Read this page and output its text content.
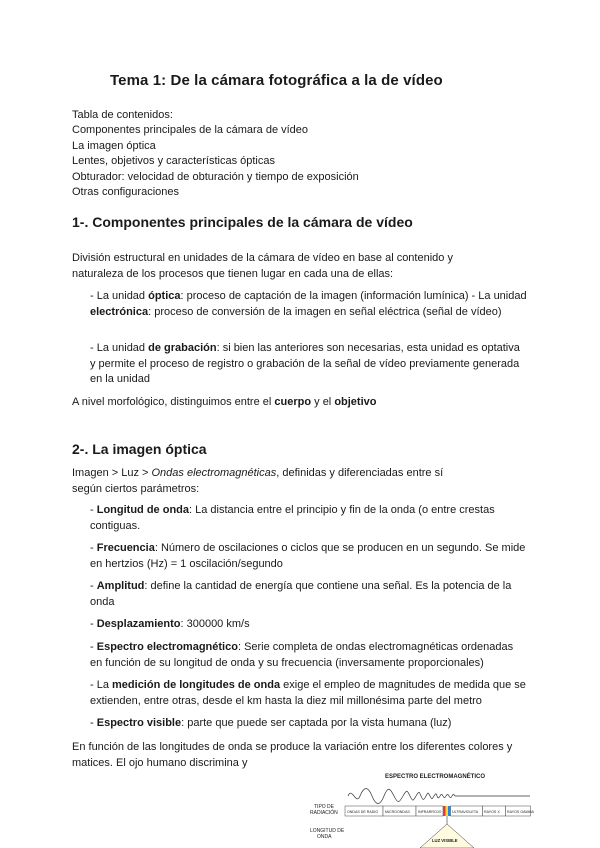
Tema 1: De la cámara fotográfica a la de vídeo
Tabla de contenidos:
Componentes principales de la cámara de vídeo
La imagen óptica
Lentes, objetivos y características ópticas
Obturador: velocidad de obturación y tiempo de exposición
Otras configuraciones
1-. Componentes principales de la cámara de vídeo
División estructural en unidades de la cámara de vídeo en base al contenido y naturaleza de los procesos que tienen lugar en cada una de ellas:
- La unidad óptica: proceso de captación de la imagen (información lumínica) - La unidad electrónica: proceso de conversión de la imagen en señal eléctrica (señal de vídeo)
- La unidad de grabación: si bien las anteriores son necesarias, esta unidad es optativa y permite el proceso de registro o grabación de la señal de vídeo previamente generada en la unidad
A nivel morfológico, distinguimos entre el cuerpo y el objetivo
2-. La imagen óptica
Imagen > Luz > Ondas electromagnéticas, definidas y diferenciadas entre sí según ciertos parámetros:
- Longitud de onda: La distancia entre el principio y fin de la onda (o entre crestas contiguas.
- Frecuencia: Número de oscilaciones o ciclos que se producen en un segundo. Se mide en hertzios (Hz) = 1 oscilación/segundo
- Amplitud: define la cantidad de energía que contiene una señal. Es la potencia de la onda
- Desplazamiento: 300000 km/s
- Espectro electromagnético: Serie completa de ondas electromagnéticas ordenadas en función de su longitud de onda y su frecuencia (inversamente proporcionales)
- La medición de longitudes de onda exige el empleo de magnitudes de medida que se extienden, entre otras, desde el km hasta la diez mil millonésima parte del metro
- Espectro visible: parte que puede ser captada por la vista humana (luz)
En función de las longitudes de onda se produce la variación entre los diferentes colores y matices. El ojo humano discrimina y
ESPECTRO ELECTROMAGNÉTICO
TIPO DE
RADIACIÓN	ONDAS DE RADIO MICROONDAS INFRARROJO	ULTRAVIOLETA RAYOS X RAYOS GAMMA
LONGITUD DE
ONDA
LUZ VISIBLE
